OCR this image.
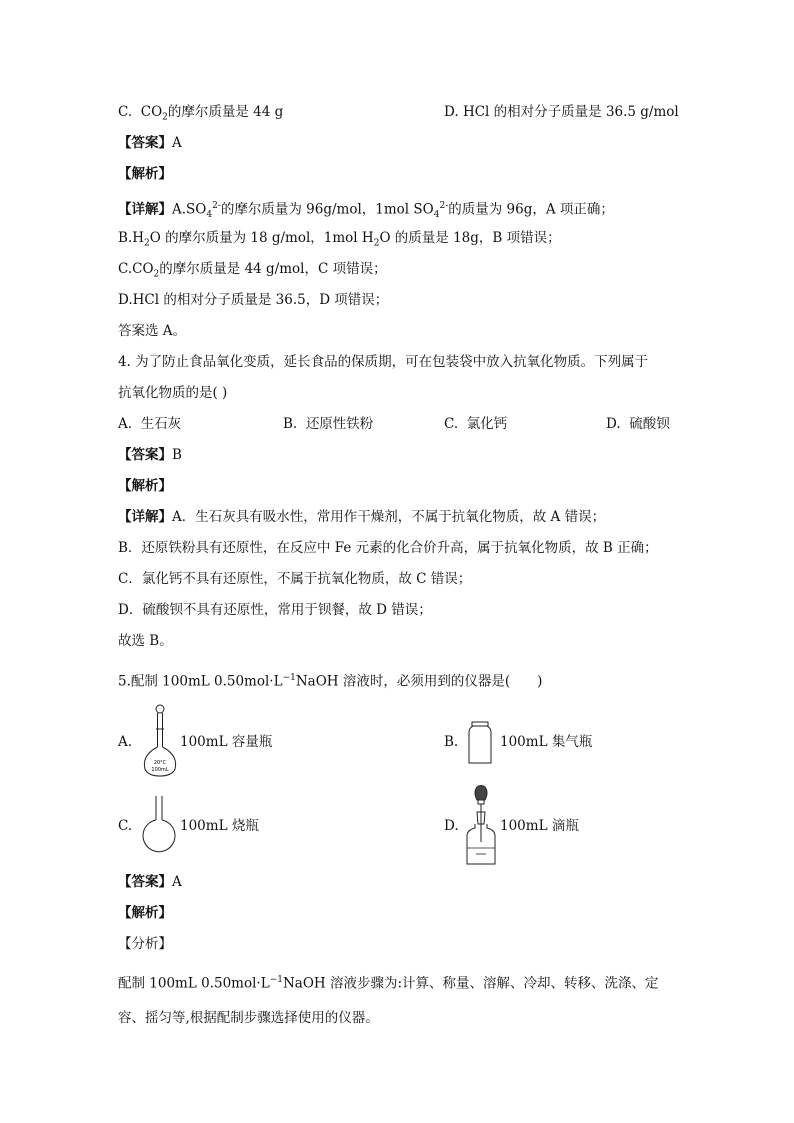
C. $CO_2$的摩尔质量是 44 g	D. HCl 的相对分子质量是 36.5 g/mol
【答案】A
【解析】
【详解】$A.SO_4^{2-}$的摩尔质量为 96g/mol，1mol $SO_4^{2-}$的质量为 96g，A 项正确；
$B.H_2O$ 的摩尔质量为 18 g/mol，1mol $H_2O$ 的质量是 18g，B 项错误；
$C.CO_2$的摩尔质量是 44 g/mol，C 项错误；
D.HCl 的相对分子质量是 36.5，D 项错误；
答案选 A。
4. 为了防止食品氧化变质，延长食品的保质期，可在包装袋中放入抗氧化物质。下列属于
抗氧化物质的是( )
A. 生石灰	B. 还原性铁粉	C. 氯化钙	D. 硫酸钡
【答案】B
【解析】
【详解】A．生石灰具有吸水性，常用作干燥剂，不属于抗氧化物质，故 A 错误；
B．还原铁粉具有还原性，在反应中 Fe 元素的化合价升高，属于抗氧化物质，故 B 正确；
C．氯化钙不具有还原性，不属于抗氧化物质，故 C 错误；
D．硫酸钡不具有还原性，常用于钡餐，故 D 错误；
故选 B。
5.配制 100mL $0.50mol\cdot L^{-1}NaOH$ 溶液时，必须用到的仪器是(　　)
A.
20°C
100mL
100mL 容量瓶	B.	100mL 集气瓶
C.	100mL 烧瓶	D.	100mL 滴瓶
【答案】A
【解析】
【分析】
配制 100mL $0.50mol\cdot L^{-1}NaOH$ 溶液步骤为:计算、称量、溶解、冷却、转移、洗涤、定
容、摇匀等,根据配制步骤选择使用的仪器。
